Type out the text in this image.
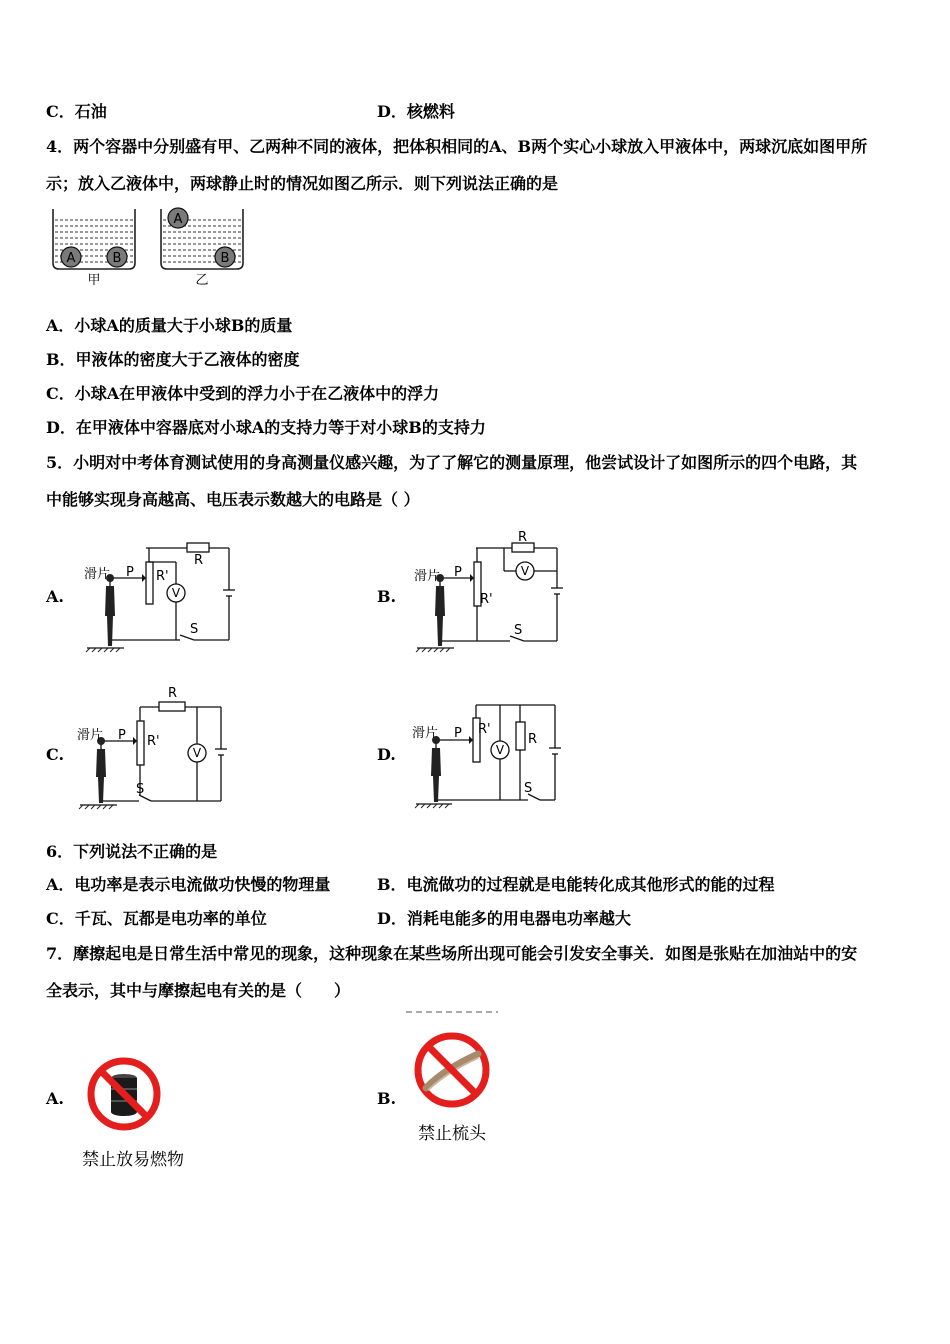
C．石油	D．核燃料
4．两个容器中分别盛有甲、乙两种不同的液体，把体积相同的A、B两个实心小球放入甲液体中，两球沉底如图甲所
示；放入乙液体中，两球静止时的情况如图乙所示．则下列说法正确的是
A	B
甲
A
B
乙
A．小球A的质量大于小球B的质量
B．甲液体的密度大于乙液体的密度
C．小球A在甲液体中受到的浮力小于在乙液体中的浮力
D．在甲液体中容器底对小球A的支持力等于对小球B的支持力
5．小明对中考体育测试使用的身高测量仪感兴趣，为了了解它的测量原理，他尝试设计了如图所示的四个电路，其
中能够实现身高越高、电压表示数越大的电路是（ ）
A.	B.
C.	D.
滑片 P R'
R
V
S
滑片 P
R'
R
V
S
滑片 P R'
R
V
S
滑片 P R'
R
V
S
6．下列说法不正确的是
A．电功率是表示电流做功快慢的物理量	B．电流做功的过程就是电能转化成其他形式的能的过程
C．千瓦、瓦都是电功率的单位	D．消耗电能多的用电器电功率越大
7．摩擦起电是日常生活中常见的现象，这种现象在某些场所出现可能会引发安全事关．如图是张贴在加油站中的安
全表示，其中与摩擦起电有关的是（　　）
A.	B.
禁止放易燃物
禁止梳头
